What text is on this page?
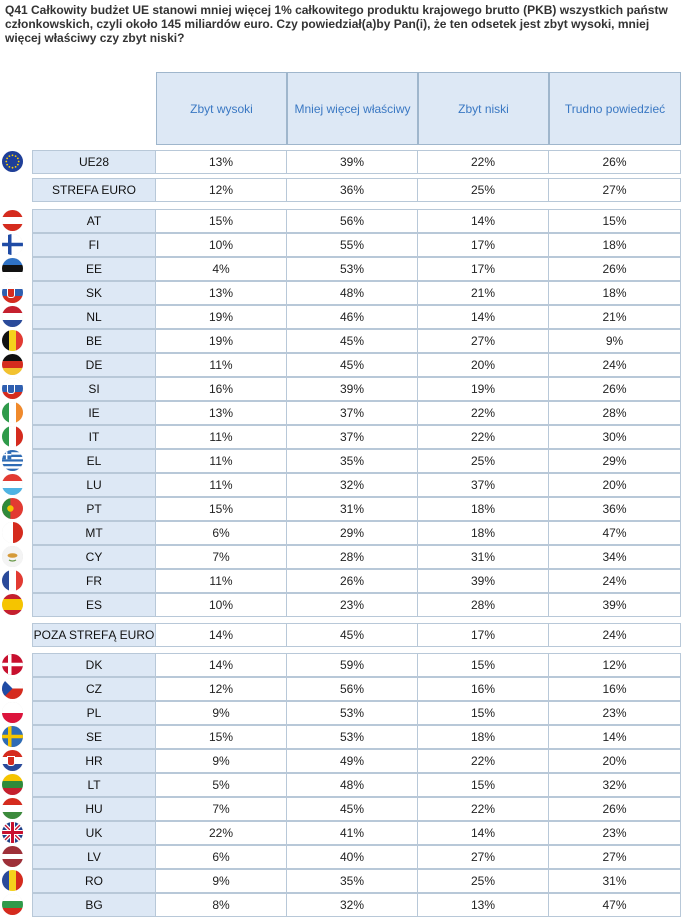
Q41 Całkowity budżet UE stanowi mniej więcej 1% całkowitego produktu krajowego brutto (PKB) wszystkich państw członkowskich, czyli około 145 miliardów euro. Czy powiedział(a)by Pan(i), że ten odsetek jest zbyt wysoki, mniej więcej właściwy czy zbyt niski?
Zbyt wysoki	Mniej więcej właściwy	Zbyt niski	Trudno powiedzieć
UE28	13%	39%	22%	26%
STREFA EURO	12%	36%	25%	27%
AT	15%	56%	14%	15%
FI	10%	55%	17%	18%
EE	4%	53%	17%	26%
SK	13%	48%	21%	18%
NL	19%	46%	14%	21%
BE	19%	45%	27%	9%
DE	11%	45%	20%	24%
SI	16%	39%	19%	26%
IE	13%	37%	22%	28%
IT	11%	37%	22%	30%
EL	11%	35%	25%	29%
LU	11%	32%	37%	20%
PT	15%	31%	18%	36%
MT	6%	29%	18%	47%
CY	7%	28%	31%	34%
FR	11%	26%	39%	24%
ES	10%	23%	28%	39%
POZA STREFĄ EURO	14%	45%	17%	24%
DK	14%	59%	15%	12%
CZ	12%	56%	16%	16%
PL	9%	53%	15%	23%
SE	15%	53%	18%	14%
HR	9%	49%	22%	20%
LT	5%	48%	15%	32%
HU	7%	45%	22%	26%
UK	22%	41%	14%	23%
LV	6%	40%	27%	27%
RO	9%	35%	25%	31%
BG	8%	32%	13%	47%
